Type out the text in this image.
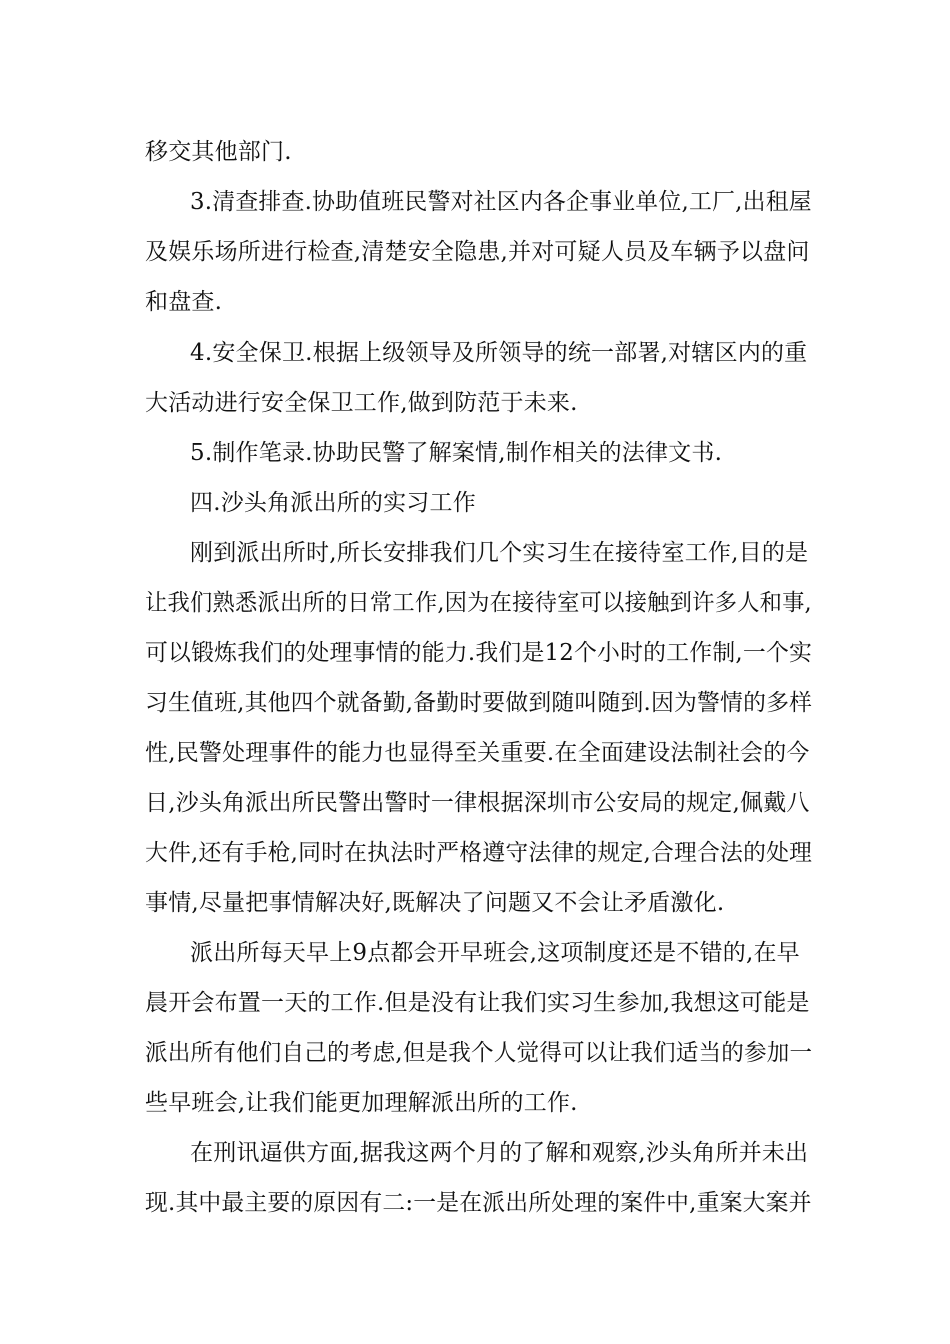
移交其他部门.
3.清查排查.协助值班民警对社区内各企事业单位,工厂,出租屋
及娱乐场所进行检查,清楚安全隐患,并对可疑人员及车辆予以盘问
和盘查.
4.安全保卫.根据上级领导及所领导的统一部署,对辖区内的重
大活动进行安全保卫工作,做到防范于未来.
5.制作笔录.协助民警了解案情,制作相关的法律文书.
四.沙头角派出所的实习工作
刚到派出所时,所长安排我们几个实习生在接待室工作,目的是
让我们熟悉派出所的日常工作,因为在接待室可以接触到许多人和事,
可以锻炼我们的处理事情的能力.我们是12个小时的工作制,一个实
习生值班,其他四个就备勤,备勤时要做到随叫随到.因为警情的多样
性,民警处理事件的能力也显得至关重要.在全面建设法制社会的今
日,沙头角派出所民警出警时一律根据深圳市公安局的规定,佩戴八
大件,还有手枪,同时在执法时严格遵守法律的规定,合理合法的处理
事情,尽量把事情解决好,既解决了问题又不会让矛盾激化.
派出所每天早上9点都会开早班会,这项制度还是不错的,在早
晨开会布置一天的工作.但是没有让我们实习生参加,我想这可能是
派出所有他们自己的考虑,但是我个人觉得可以让我们适当的参加一
些早班会,让我们能更加理解派出所的工作.
在刑讯逼供方面,据我这两个月的了解和观察,沙头角所并未出
现.其中最主要的原因有二:一是在派出所处理的案件中,重案大案并
